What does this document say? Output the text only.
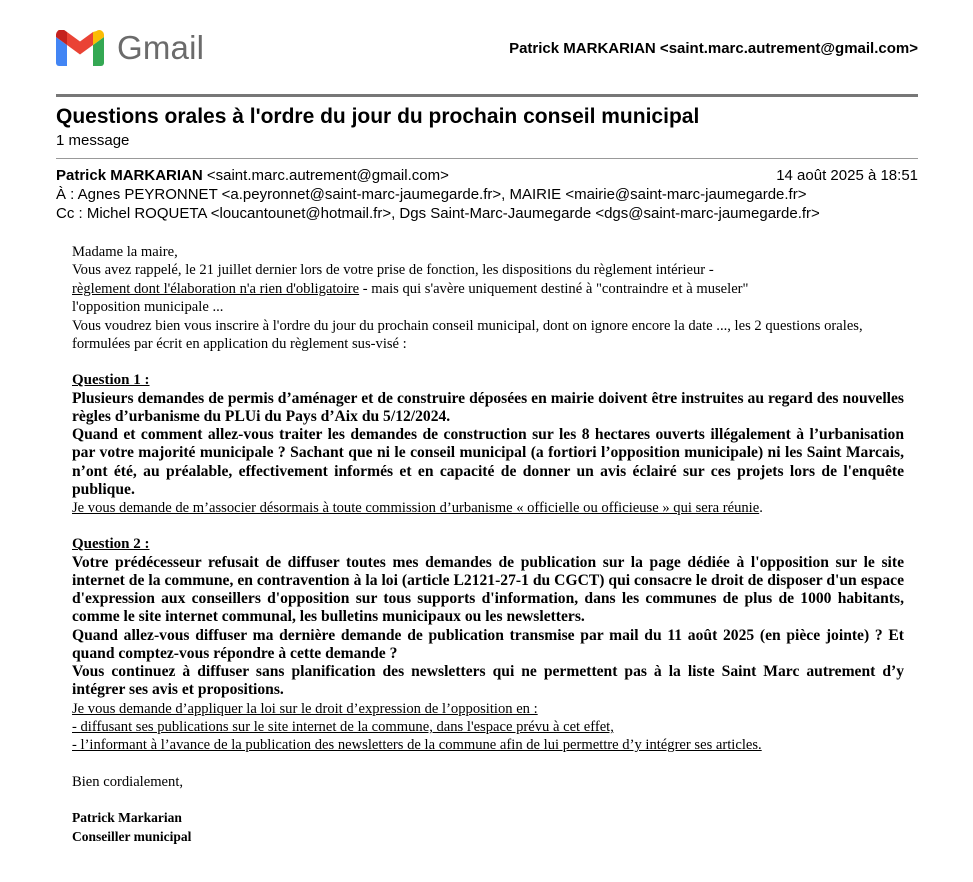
Gmail	Patrick MARKARIAN <saint.marc.autrement@gmail.com>
Questions orales à l'ordre du jour du prochain conseil municipal
1 message
Patrick MARKARIAN <saint.marc.autrement@gmail.com>	14 août 2025 à 18:51
À : Agnes PEYRONNET <a.peyronnet@saint-marc-jaumegarde.fr>, MAIRIE <mairie@saint-marc-jaumegarde.fr>
Cc : Michel ROQUETA <loucantounet@hotmail.fr>, Dgs Saint-Marc-Jaumegarde <dgs@saint-marc-jaumegarde.fr>

Madame la maire,

Vous avez rappelé, le 21 juillet dernier lors de votre prise de fonction, les dispositions du règlement intérieur -

règlement dont l'élaboration n'a rien d'obligatoire - mais qui s'avère uniquement destiné à "contraindre et à museler"

l'opposition municipale ...

Vous voudrez bien vous inscrire à l'ordre du jour du prochain conseil municipal, dont on ignore encore la date ..., les 2 questions orales, formulées par écrit en application du règlement sus-visé :

Question 1 :

Plusieurs demandes de permis d’aménager et de construire déposées en mairie doivent être instruites au regard des nouvelles règles d’urbanisme du PLUi du Pays d’Aix du 5/12/2024.

Quand et comment allez-vous traiter les demandes de construction sur les 8 hectares ouverts illégalement à l’urbanisation par votre majorité municipale ? Sachant que ni le conseil municipal (a fortiori l’opposition municipale) ni les Saint Marcais, n’ont été, au préalable, effectivement informés et en capacité de donner un avis éclairé sur ces projets lors de l'enquête publique.

Je vous demande de m’associer désormais à toute commission d’urbanisme « officielle ou officieuse » qui sera réunie.

Question 2 :

Votre prédécesseur refusait de diffuser toutes mes demandes de publication sur la page dédiée à l'opposition sur le site internet de la commune, en contravention à la loi (article L2121-27-1 du CGCT) qui consacre le droit de disposer d'un espace d'expression aux conseillers d'opposition sur tous supports d'information, dans les communes de plus de 1000 habitants, comme le site internet communal, les bulletins municipaux ou les newsletters.

Quand allez-vous diffuser ma dernière demande de publication transmise par mail du 11 août 2025 (en pièce jointe) ? Et quand comptez-vous répondre à cette demande ?

Vous continuez à diffuser sans planification des newsletters qui ne permettent pas à la liste Saint Marc autrement d’y intégrer ses avis et propositions.

Je vous demande d’appliquer la loi sur le droit d’expression de l’opposition en :

- diffusant ses publications sur le site internet de la commune, dans l'espace prévu à cet effet,

- l’informant à l’avance de la publication des newsletters de la commune afin de lui permettre d’y intégrer ses articles.

Bien cordialement,

Patrick Markarian

Conseiller municipal
